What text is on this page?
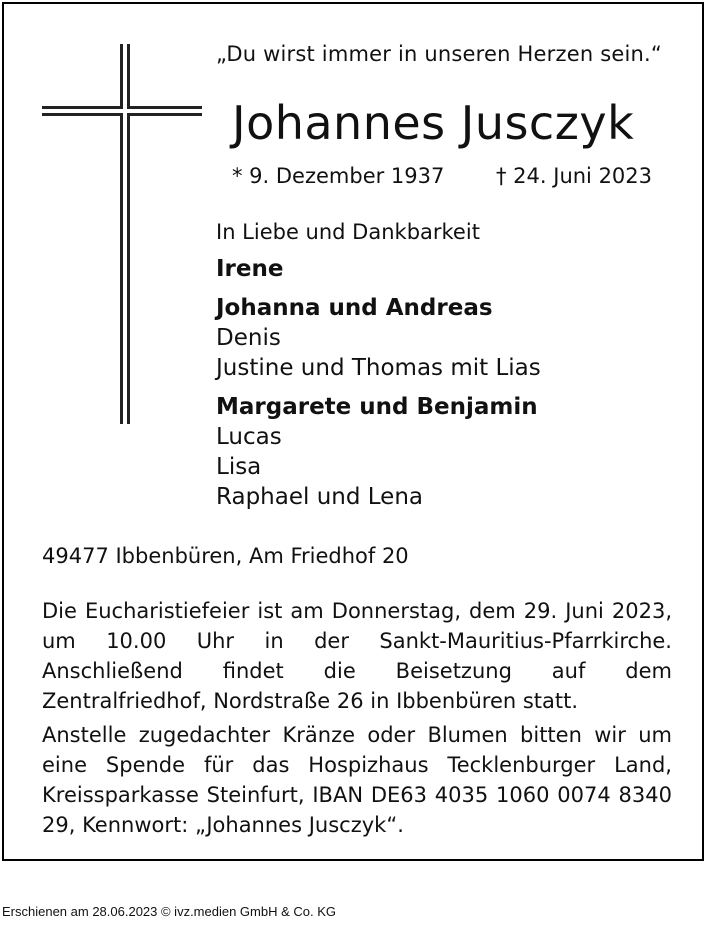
„Du wirst immer in unseren Herzen sein.“
Johannes Jusczyk
* 9. Dezember 1937 † 24. Juni 2023
In Liebe und Dankbarkeit
Irene
Johanna und Andreas
Denis
Justine und Thomas mit Lias
Margarete und Benjamin
Lucas
Lisa
Raphael und Lena
49477 Ibbenbüren, Am Friedhof 20
Die Eucharistiefeier ist am Donnerstag, dem 29. Juni 2023, um 10.00 Uhr in der Sankt-Mauritius-Pfarrkirche. Anschließend findet die Beisetzung auf dem Zentralfriedhof, Nordstraße 26 in Ibbenbüren statt.
Anstelle zugedachter Kränze oder Blumen bitten wir um eine Spende für das Hospizhaus Tecklenburger Land, Kreissparkasse Steinfurt, IBAN DE63 4035 1060 0074 8340 29, Kennwort: „Johannes Jusczyk“.
Erschienen am 28.06.2023 © ivz.medien GmbH & Co. KG
